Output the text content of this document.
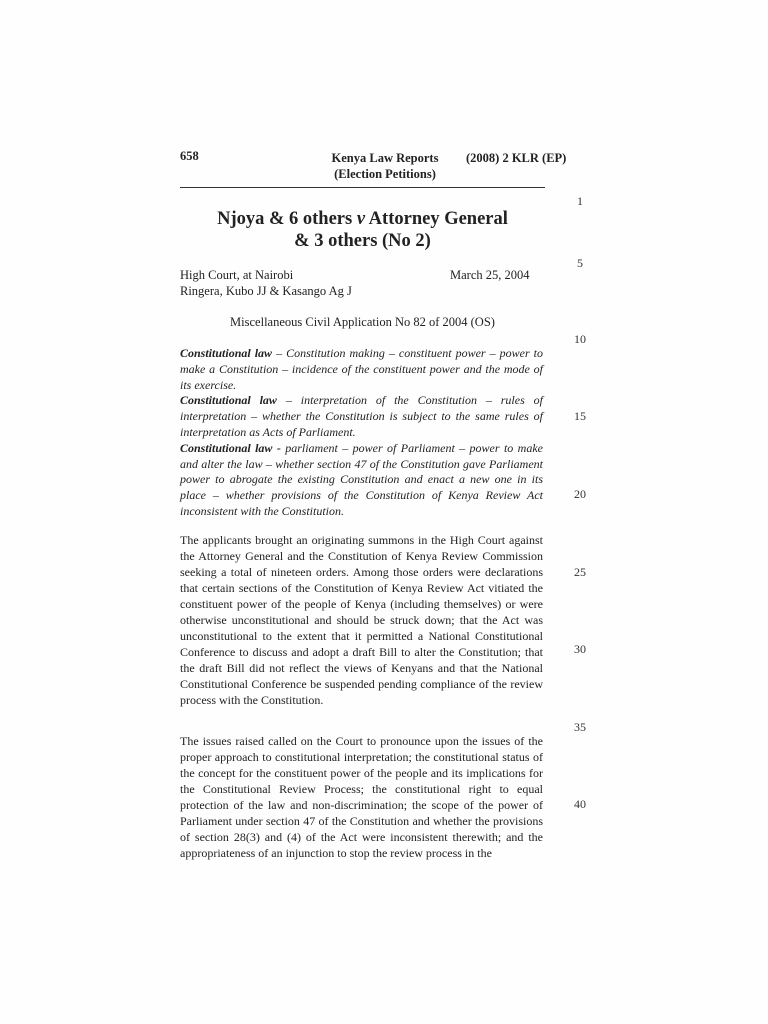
658	Kenya Law Reports
(Election Petitions)
(2008) 2 KLR (EP)
1
5
10
15
20
25
30
35
40
Njoya & 6 others v Attorney General
& 3 others (No 2)
High Court, at Nairobi	March 25, 2004
Ringera, Kubo JJ & Kasango Ag J
Miscellaneous Civil Application No 82 of 2004 (OS)

Constitutional law – Constitution making – constituent power – power to make a Constitution – incidence of the constituent power and the mode of its exercise.

Constitutional law – interpretation of the Constitution – rules of interpretation – whether the Constitution is subject to the same rules of interpretation as Acts of Parliament.

Constitutional law - parliament – power of Parliament – power to make and alter the law – whether section 47 of the Constitution gave Parliament power to abrogate the existing Constitution and enact a new one in its place – whether provisions of the Constitution of Kenya Review Act inconsistent with the Constitution.

The applicants brought an originating summons in the High Court against the Attorney General and the Constitution of Kenya Review Commission seeking a total of nineteen orders. Among those orders were declarations that certain sections of the Constitution of Kenya Review Act vitiated the constituent power of the people of Kenya (including themselves) or were otherwise unconstitutional and should be struck down; that the Act was unconstitutional to the extent that it permitted a National Constitutional Conference to discuss and adopt a draft Bill to alter the Constitution; that the draft Bill did not reflect the views of Kenyans and that the National Constitutional Conference be suspended pending compliance of the review process with the Constitution.
The issues raised called on the Court to pronounce upon the issues of the proper approach to constitutional interpretation; the constitutional status of the concept for the constituent power of the people and its implications for the Constitutional Review Process; the constitutional right to equal protection of the law and non-discrimination; the scope of the power of Parliament under section 47 of the Constitution and whether the provisions of section 28(3) and (4) of the Act were inconsistent therewith; and the appropriateness of an injunction to stop the review process in the
